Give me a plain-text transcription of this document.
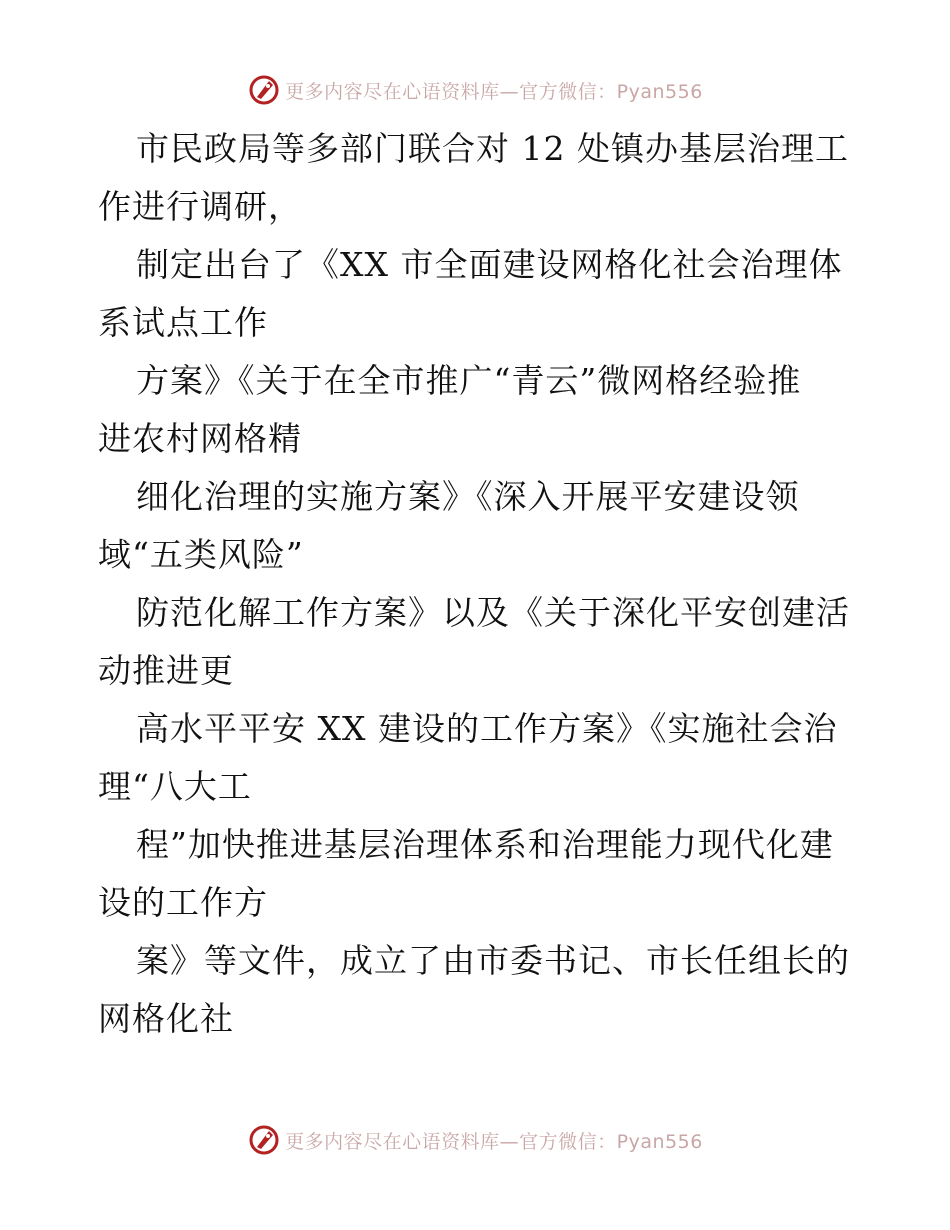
更多内容尽在心语资料库—官方微信：Pyan556
市民政局等多部门联合对 12 处镇办基层治理工
作进行调研，
制定出台了《XX 市全面建设网格化社会治理体
系试点工作
方案》《关于在全市推广“青云”微网格经验推
进农村网格精
细化治理的实施方案》《深入开展平安建设领
域“五类风险”
防范化解工作方案》以及《关于深化平安创建活
动推进更
高水平平安 XX 建设的工作方案》《实施社会治
理“八大工
程”加快推进基层治理体系和治理能力现代化建
设的工作方
案》等文件，成立了由市委书记、市长任组长的
网格化社
更多内容尽在心语资料库—官方微信：Pyan556
